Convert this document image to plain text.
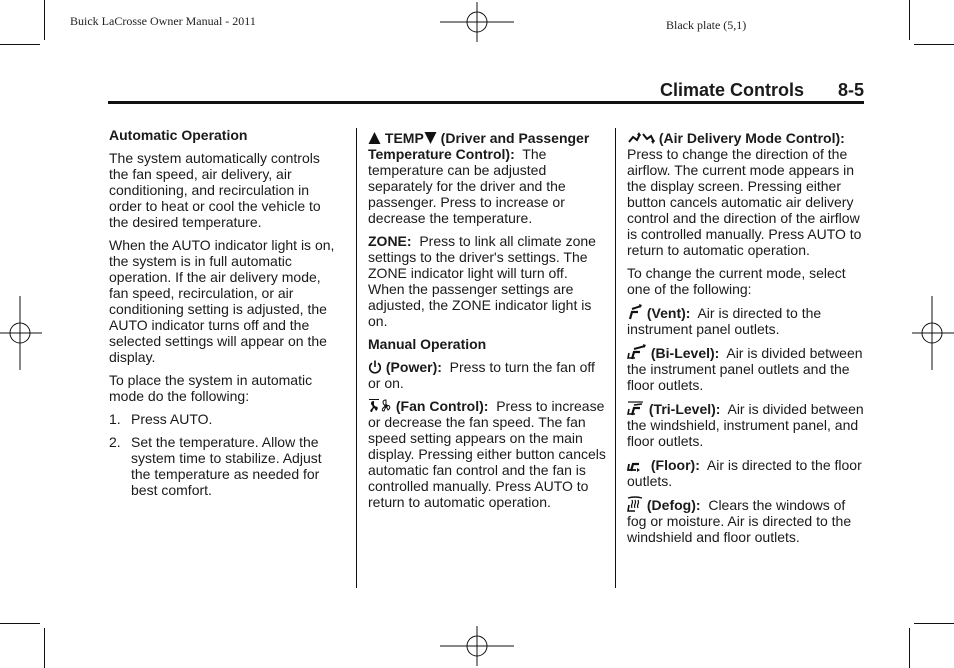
Buick LaCrosse Owner Manual - 2011	Black plate (5,1)
Climate Controls 8-5
Automatic Operation

The system automatically controls the fan speed, air delivery, air conditioning, and recirculation in order to heat or cool the vehicle to the desired temperature.

When the AUTO indicator light is on, the system is in full automatic operation. If the air delivery mode, fan speed, recirculation, or air conditioning setting is adjusted, the AUTO indicator turns off and the selected settings will appear on the display.

To place the system in automatic mode do the following:

1. Press AUTO.
2. Set the temperature. Allow the system time to stabilize. Adjust the temperature as needed for best comfort.

TEMP (Driver and Passenger Temperature Control): The temperature can be adjusted separately for the driver and the passenger. Press to increase or decrease the temperature.

ZONE: Press to link all climate zone settings to the driver's settings. The ZONE indicator light will turn off. When the passenger settings are adjusted, the ZONE indicator light is on.

Manual Operation

(Power): Press to turn the fan off or on.

(Fan Control): Press to increase or decrease the fan speed. The fan speed setting appears on the main display. Pressing either button cancels automatic fan control and the fan is controlled manually. Press AUTO to return to automatic operation.

(Air Delivery Mode Control):  Press to change the direction of the airflow. The current mode appears in the display screen. Pressing either button cancels automatic air delivery control and the direction of the airflow is controlled manually. Press AUTO to return to automatic operation.

To change the current mode, select one of the following:

(Vent): Air is directed to the instrument panel outlets.

(Bi-Level): Air is divided between the instrument panel outlets and the floor outlets.

(Tri-Level): Air is divided between the windshield, instrument panel, and floor outlets.

(Floor): Air is directed to the floor outlets.

(Defog): Clears the windows of fog or moisture. Air is directed to the windshield and floor outlets.
